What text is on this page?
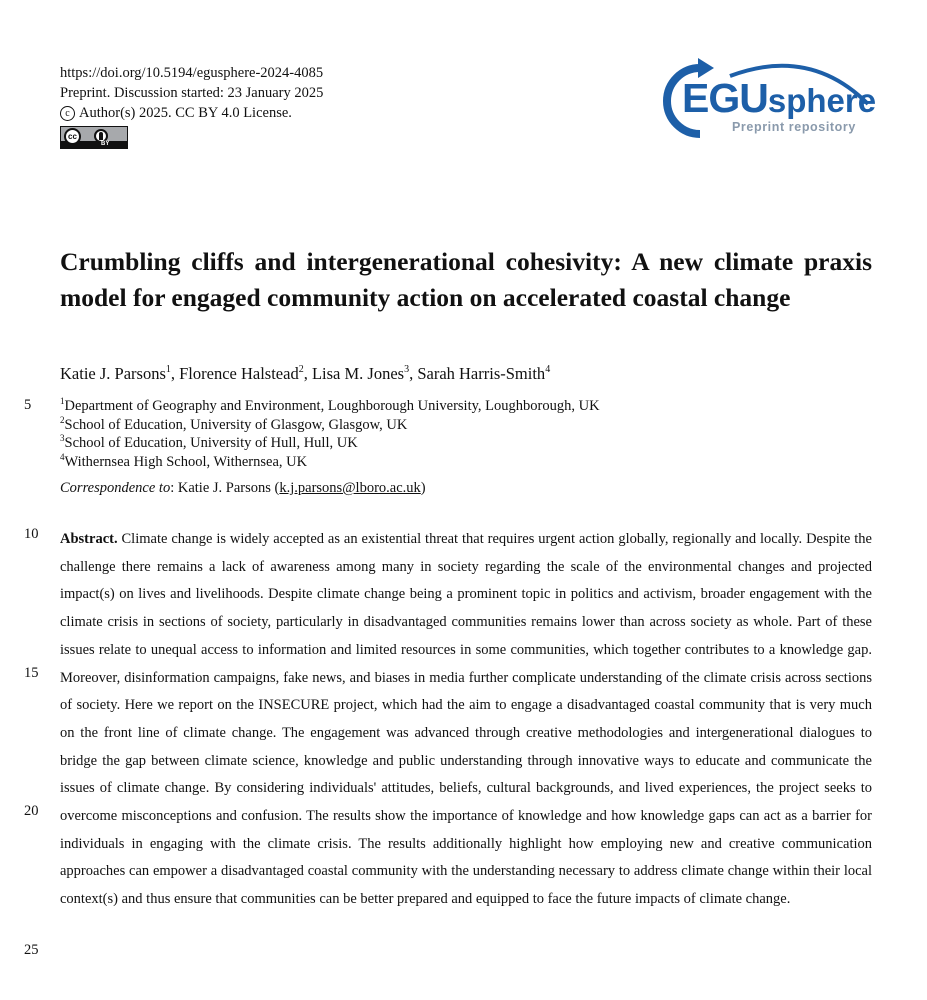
https://doi.org/10.5194/egusphere-2024-4085
Preprint. Discussion started: 23 January 2025
c Author(s) 2025. CC BY 4.0 License.
cc
BY
EGUsphere
Preprint repository
Crumbling cliffs and intergenerational cohesivity: A new climate praxis model for engaged community action on accelerated coastal change
Katie J. Parsons$^1$, Florence Halstead$^2$, Lisa M. Jones$^3$, Sarah Harris-Smith$^4$
5	$^1$Department of Geography and Environment, Loughborough University, Loughborough, UK
$^2$School of Education, University of Glasgow, Glasgow, UK
$^3$School of Education, University of Hull, Hull, UK
$^4$Withernsea High School, Withernsea, UK
Correspondence to: Katie J. Parsons (k.j.parsons@lboro.ac.uk)
10
15
20
25
Abstract. Climate change is widely accepted as an existential threat that requires urgent action globally, regionally and locally. Despite the challenge there remains a lack of awareness among many in society regarding the scale of the environmental changes and projected impact(s) on lives and livelihoods. Despite climate change being a prominent topic in politics and activism, broader engagement with the climate crisis in sections of society, particularly in disadvantaged communities remains lower than across society as whole. Part of these issues relate to unequal access to information and limited resources in some communities, which together contributes to a knowledge gap. Moreover, disinformation campaigns, fake news, and biases in media further complicate understanding of the climate crisis across sections of society. Here we report on the INSECURE project, which had the aim to engage a disadvantaged coastal community that is very much on the front line of climate change. The engagement was advanced through creative methodologies and intergenerational dialogues to bridge the gap between climate science, knowledge and public understanding through innovative ways to educate and communicate the issues of climate change. By considering individuals' attitudes, beliefs, cultural backgrounds, and lived experiences, the project seeks to overcome misconceptions and confusion. The results show the importance of knowledge and how knowledge gaps can act as a barrier for individuals in engaging with the climate crisis. The results additionally highlight how employing new and creative communication approaches can empower a disadvantaged coastal community with the understanding necessary to address climate change within their local context(s) and thus ensure that communities can be better prepared and equipped to face the future impacts of climate change.
